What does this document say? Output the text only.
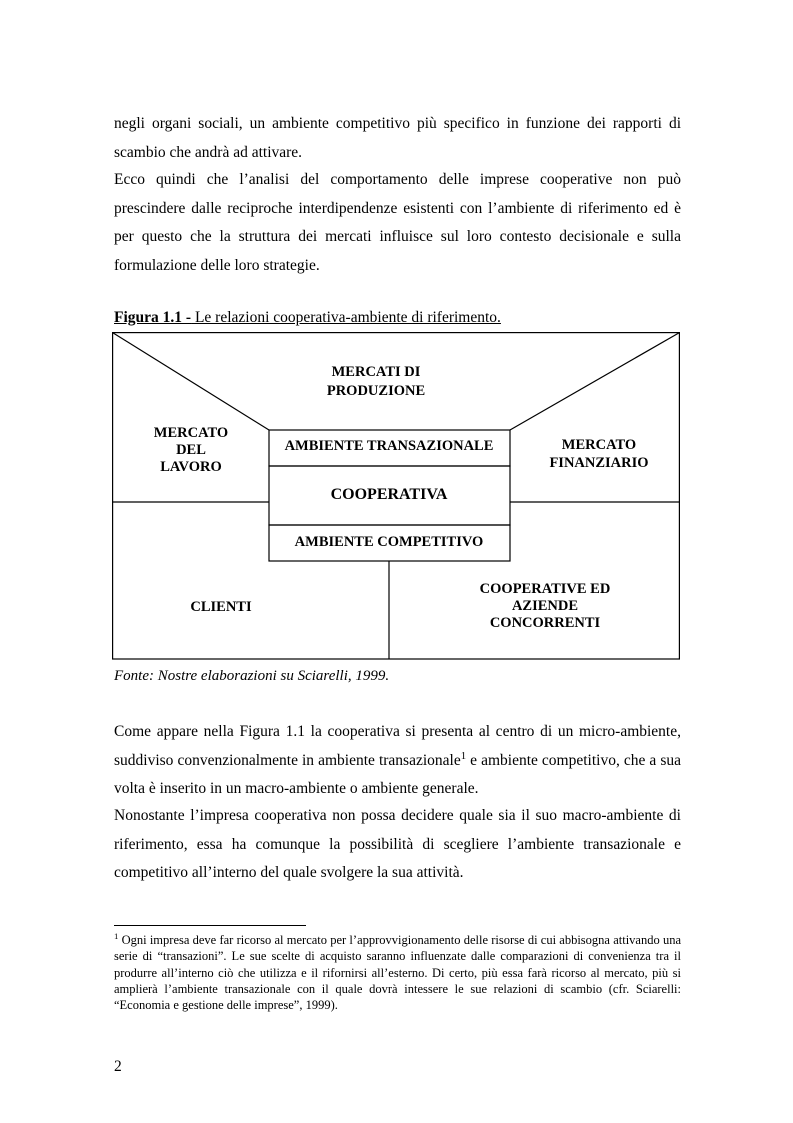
negli organi sociali, un ambiente competitivo più specifico in funzione dei rapporti di scambio che andrà ad attivare.

Ecco quindi che l’analisi del comportamento delle imprese cooperative non può prescindere dalle reciproche interdipendenze esistenti con l’ambiente di riferimento ed è per questo che la struttura dei mercati influisce sul loro contesto decisionale e sulla formulazione delle loro strategie.

Figura 1.1 - Le relazioni cooperativa-ambiente di riferimento.
MERCATI DI
PRODUZIONE
MERCATO
DEL
LAVORO
MERCATO
FINANZIARIO
AMBIENTE TRANSAZIONALE
COOPERATIVA
AMBIENTE COMPETITIVO
CLIENTI
COOPERATIVE ED
AZIENDE
CONCORRENTI
Fonte: Nostre elaborazioni su Sciarelli, 1999.

Come appare nella Figura 1.1 la cooperativa si presenta al centro di un micro-ambiente, suddiviso convenzionalmente in ambiente transazionale$^1$ e ambiente competitivo, che a sua volta è inserito in un macro-ambiente o ambiente generale.

Nonostante l’impresa cooperativa non possa decidere quale sia il suo macro-ambiente di riferimento, essa ha comunque la possibilità di scegliere l’ambiente transazionale e competitivo all’interno del quale svolgere la sua attività.

$^1$ Ogni impresa deve far ricorso al mercato per l’approvvigionamento delle risorse di cui abbisogna attivando una serie di “transazioni”. Le sue scelte di acquisto saranno influenzate dalle comparazioni di convenienza tra il produrre all’interno ciò che utilizza e il rifornirsi all’esterno. Di certo, più essa farà ricorso al mercato, più si amplierà l’ambiente transazionale con il quale dovrà intessere le sue relazioni di scambio (cfr. Sciarelli: “Economia e gestione delle imprese”, 1999).

2
